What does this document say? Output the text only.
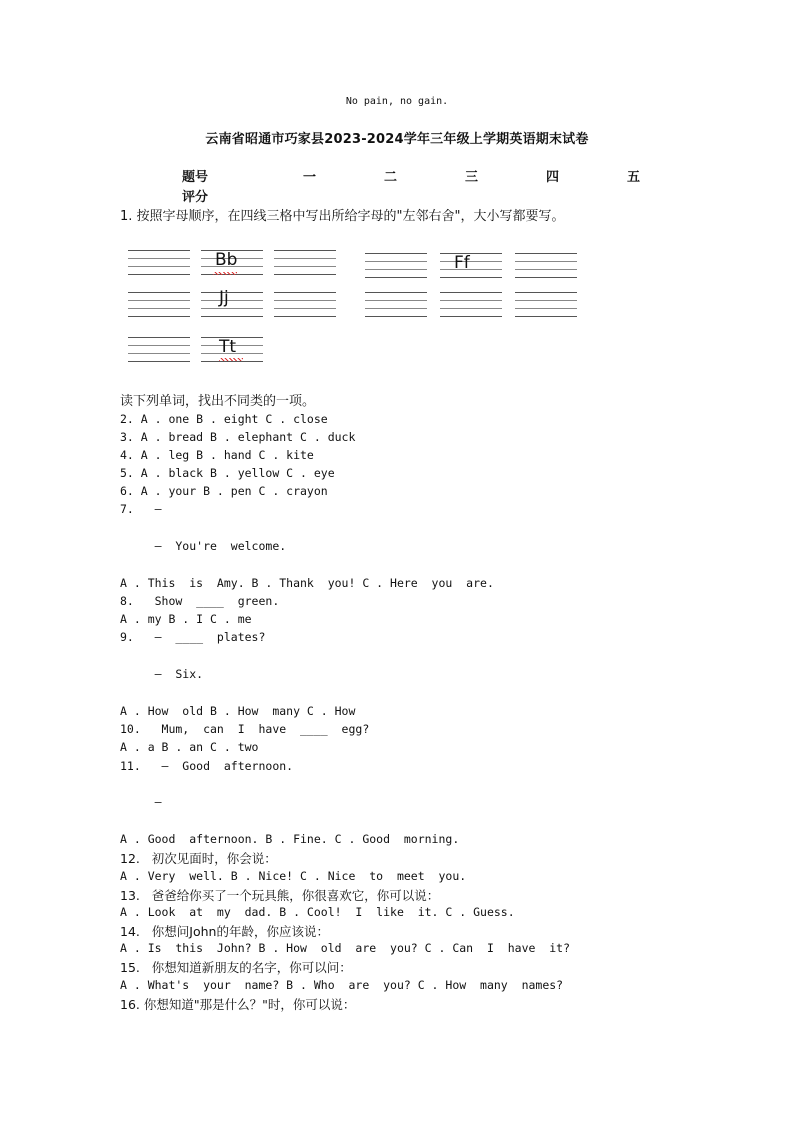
No pain, no gain.
云南省昭通市巧家县2023-2024学年三年级上学期英语期末试卷
题号	一	二	三	四	五
评分
1. 按照字母顺序，在四线三格中写出所给字母的"左邻右舍"，大小写都要写。
Bb	Ff
Jj
Tt
读下列单词，找出不同类的一项。
2. A . one B . eight C . close
3. A . bread B . elephant C . duck
4. A . leg B . hand C . kite
5. A . black B . yellow C . eye
6. A . your B . pen C . crayon
7.   —
—  You're  welcome.
A . This  is  Amy. B . Thank  you! C . Here  you  are.
8.   Show  ____  green.
A . my B . I C . me
9.   —  ____  plates?
—  Six.
A . How  old B . How  many C . How
10.   Mum,  can  I  have  ____  egg?
A . a B . an C . two
11.   —  Good  afternoon.
—
A . Good  afternoon. B . Fine. C . Good  morning.
12.   初次见面时，你会说：
A . Very  well. B . Nice! C . Nice  to  meet  you.
13.   爸爸给你买了一个玩具熊，你很喜欢它，你可以说：
A . Look  at  my  dad. B . Cool!  I  like  it. C . Guess.
14.   你想问John的年龄，你应该说：
A . Is  this  John? B . How  old  are  you? C . Can  I  have  it?
15.   你想知道新朋友的名字，你可以问：
A . What's  your  name? B . Who  are  you? C . How  many  names?
16. 你想知道"那是什么？"时，你可以说：
